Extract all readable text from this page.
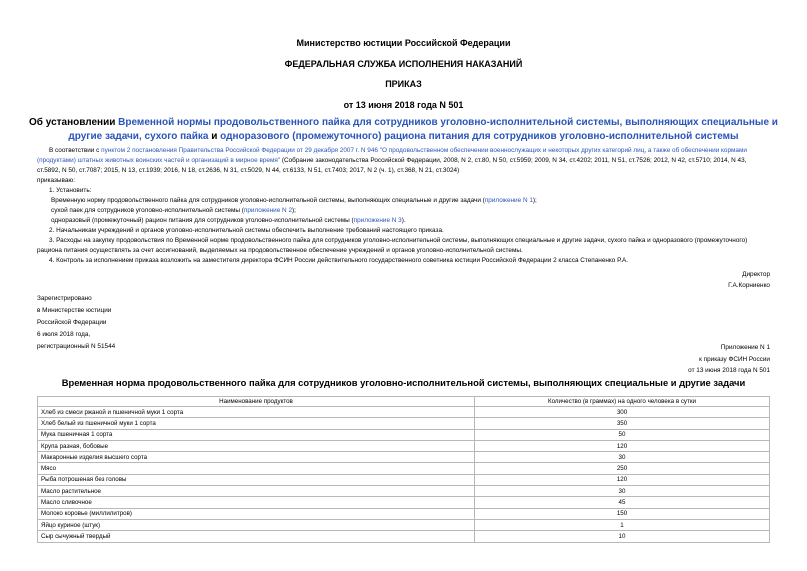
Министерство юстиции Российской Федерации
ФЕДЕРАЛЬНАЯ СЛУЖБА ИСПОЛНЕНИЯ НАКАЗАНИЙ
ПРИКАЗ
от 13 июня 2018 года N 501
Об установлении Временной нормы продовольственного пайка для сотрудников уголовно-исполнительной системы, выполняющих специальные и другие задачи, сухого пайка и одноразового (промежуточного) рациона питания для сотрудников уголовно-исполнительной системы

В соответствии с пунктом 2 постановления Правительства Российской Федерации от 29 декабря 2007 г. N 946 "О продовольственном обеспечении военнослужащих и некоторых других категорий лиц, а также об обеспечении кормами (продуктами) штатных животных воинских частей и организаций в мирное время" (Собрание законодательства Российской Федерации, 2008, N 2, ст.80, N 50, ст.5959; 2009, N 34, ст.4202; 2011, N 51, ст.7526; 2012, N 42, ст.5710; 2014, N 43, ст.5892, N 50, ст.7087; 2015, N 13, ст.1939; 2016, N 18, ст.2636, N 31, ст.5029, N 44, ст.6133, N 51, ст.7403; 2017, N 2 (ч. 1), ст.368, N 21, ст.3024)

приказываю:

1. Установить:

Временную норму продовольственного пайка для сотрудников уголовно-исполнительной системы, выполняющих специальные и другие задачи (приложение N 1);

сухой паек для сотрудников уголовно-исполнительной системы (приложение N 2);

одноразовый (промежуточный) рацион питания для сотрудников уголовно-исполнительной системы (приложение N 3).

2. Начальникам учреждений и органов уголовно-исполнительной системы обеспечить выполнение требований настоящего приказа.

3. Расходы на закупку продовольствия по Временной норме продовольственного пайка для сотрудников уголовно-исполнительной системы, выполняющих специальные и другие задачи, сухого пайка и одноразового (промежуточного) рациона питания осуществлять за счет ассигнований, выделяемых на продовольственное обеспечение учреждений и органов уголовно-исполнительной системы.

4. Контроль за исполнением приказа возложить на заместителя директора ФСИН России действительного государственного советника юстиции Российской Федерации 2 класса Степаненко Р.А.

Директор
Г.А.Корниенко
Зарегистрировано
в Министерстве юстиции
Российской Федерации
6 июля 2018 года,
регистрационный N 51544	Приложение N 1
к приказу ФСИН России
от 13 июня 2018 года N 501
Временная норма продовольственного пайка для сотрудников уголовно-исполнительной системы, выполняющих специальные и другие задачи
Наименование продуктов	Количество (в граммах) на одного человека в сутки
Хлеб из смеси ржаной и пшеничной муки 1 сорта	300
Хлеб белый из пшеничной муки 1 сорта	350
Мука пшеничная 1 сорта	50
Крупа разная, бобовые	120
Макаронные изделия высшего сорта	30
Мясо	250
Рыба потрошеная без головы	120
Масло растительное	30
Масло сливочное	45
Молоко коровье (миллилитров)	150
Яйцо куриное (штук)	1
Сыр сычужный твердый	10
